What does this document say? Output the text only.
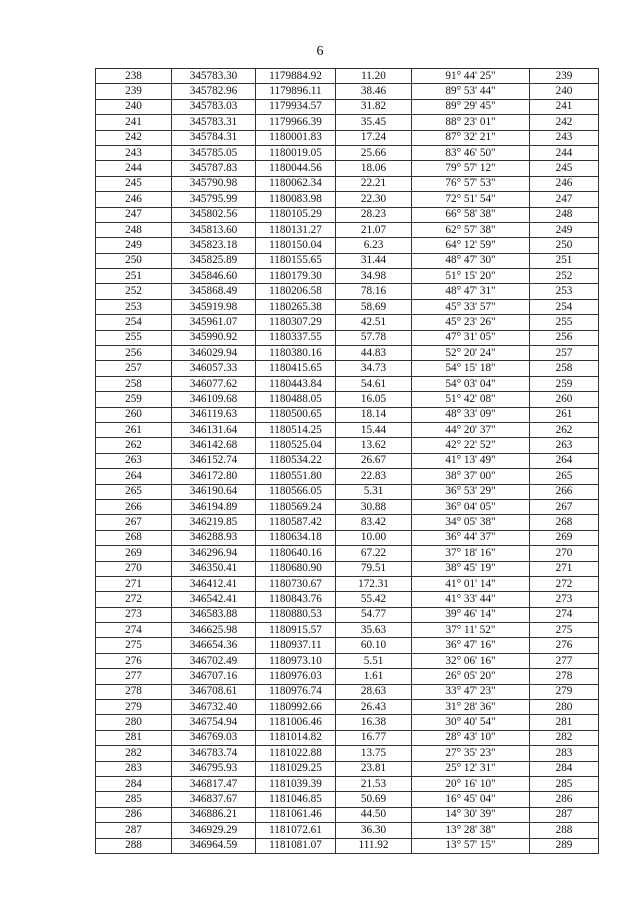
6
238	345783.30	1179884.92	11.20	91° 44' 25"	239
239	345782.96	1179896.11	38.46	89° 53' 44"	240
240	345783.03	1179934.57	31.82	89° 29' 45"	241
241	345783.31	1179966.39	35.45	88° 23' 01"	242
242	345784.31	1180001.83	17.24	87° 32' 21"	243
243	345785.05	1180019.05	25.66	83° 46' 50"	244
244	345787.83	1180044.56	18.06	79° 57' 12"	245
245	345790.98	1180062.34	22.21	76° 57' 53"	246
246	345795.99	1180083.98	22.30	72° 51' 54"	247
247	345802.56	1180105.29	28.23	66° 58' 38"	248
248	345813.60	1180131.27	21.07	62° 57' 38"	249
249	345823.18	1180150.04	6.23	64° 12' 59"	250
250	345825.89	1180155.65	31.44	48° 47' 30"	251
251	345846.60	1180179.30	34.98	51° 15' 20"	252
252	345868.49	1180206.58	78.16	48° 47' 31"	253
253	345919.98	1180265.38	58.69	45° 33' 57"	254
254	345961.07	1180307.29	42.51	45° 23' 26"	255
255	345990.92	1180337.55	57.78	47° 31' 05"	256
256	346029.94	1180380.16	44.83	52° 20' 24"	257
257	346057.33	1180415.65	34.73	54° 15' 18"	258
258	346077.62	1180443.84	54.61	54° 03' 04"	259
259	346109.68	1180488.05	16.05	51° 42' 08"	260
260	346119.63	1180500.65	18.14	48° 33' 09"	261
261	346131.64	1180514.25	15.44	44° 20' 37"	262
262	346142.68	1180525.04	13.62	42° 22' 52"	263
263	346152.74	1180534.22	26.67	41° 13' 49"	264
264	346172.80	1180551.80	22.83	38° 37' 00"	265
265	346190.64	1180566.05	5.31	36° 53' 29"	266
266	346194.89	1180569.24	30.88	36° 04' 05"	267
267	346219.85	1180587.42	83.42	34° 05' 38"	268
268	346288.93	1180634.18	10.00	36° 44' 37"	269
269	346296.94	1180640.16	67.22	37° 18' 16"	270
270	346350.41	1180680.90	79.51	38° 45' 19"	271
271	346412.41	1180730.67	172.31	41° 01' 14"	272
272	346542.41	1180843.76	55.42	41° 33' 44"	273
273	346583.88	1180880.53	54.77	39° 46' 14"	274
274	346625.98	1180915.57	35.63	37° 11' 52"	275
275	346654.36	1180937.11	60.10	36° 47' 16"	276
276	346702.49	1180973.10	5.51	32° 06' 16"	277
277	346707.16	1180976.03	1.61	26° 05' 20"	278
278	346708.61	1180976.74	28.63	33° 47' 23"	279
279	346732.40	1180992.66	26.43	31° 28' 36"	280
280	346754.94	1181006.46	16.38	30° 40' 54"	281
281	346769.03	1181014.82	16.77	28° 43' 10"	282
282	346783.74	1181022.88	13.75	27° 35' 23"	283
283	346795.93	1181029.25	23.81	25° 12' 31"	284
284	346817.47	1181039.39	21.53	20° 16' 10"	285
285	346837.67	1181046.85	50.69	16° 45' 04"	286
286	346886.21	1181061.46	44.50	14° 30' 39"	287
287	346929.29	1181072.61	36.30	13° 28' 38"	288
288	346964.59	1181081.07	111.92	13° 57' 15"	289
